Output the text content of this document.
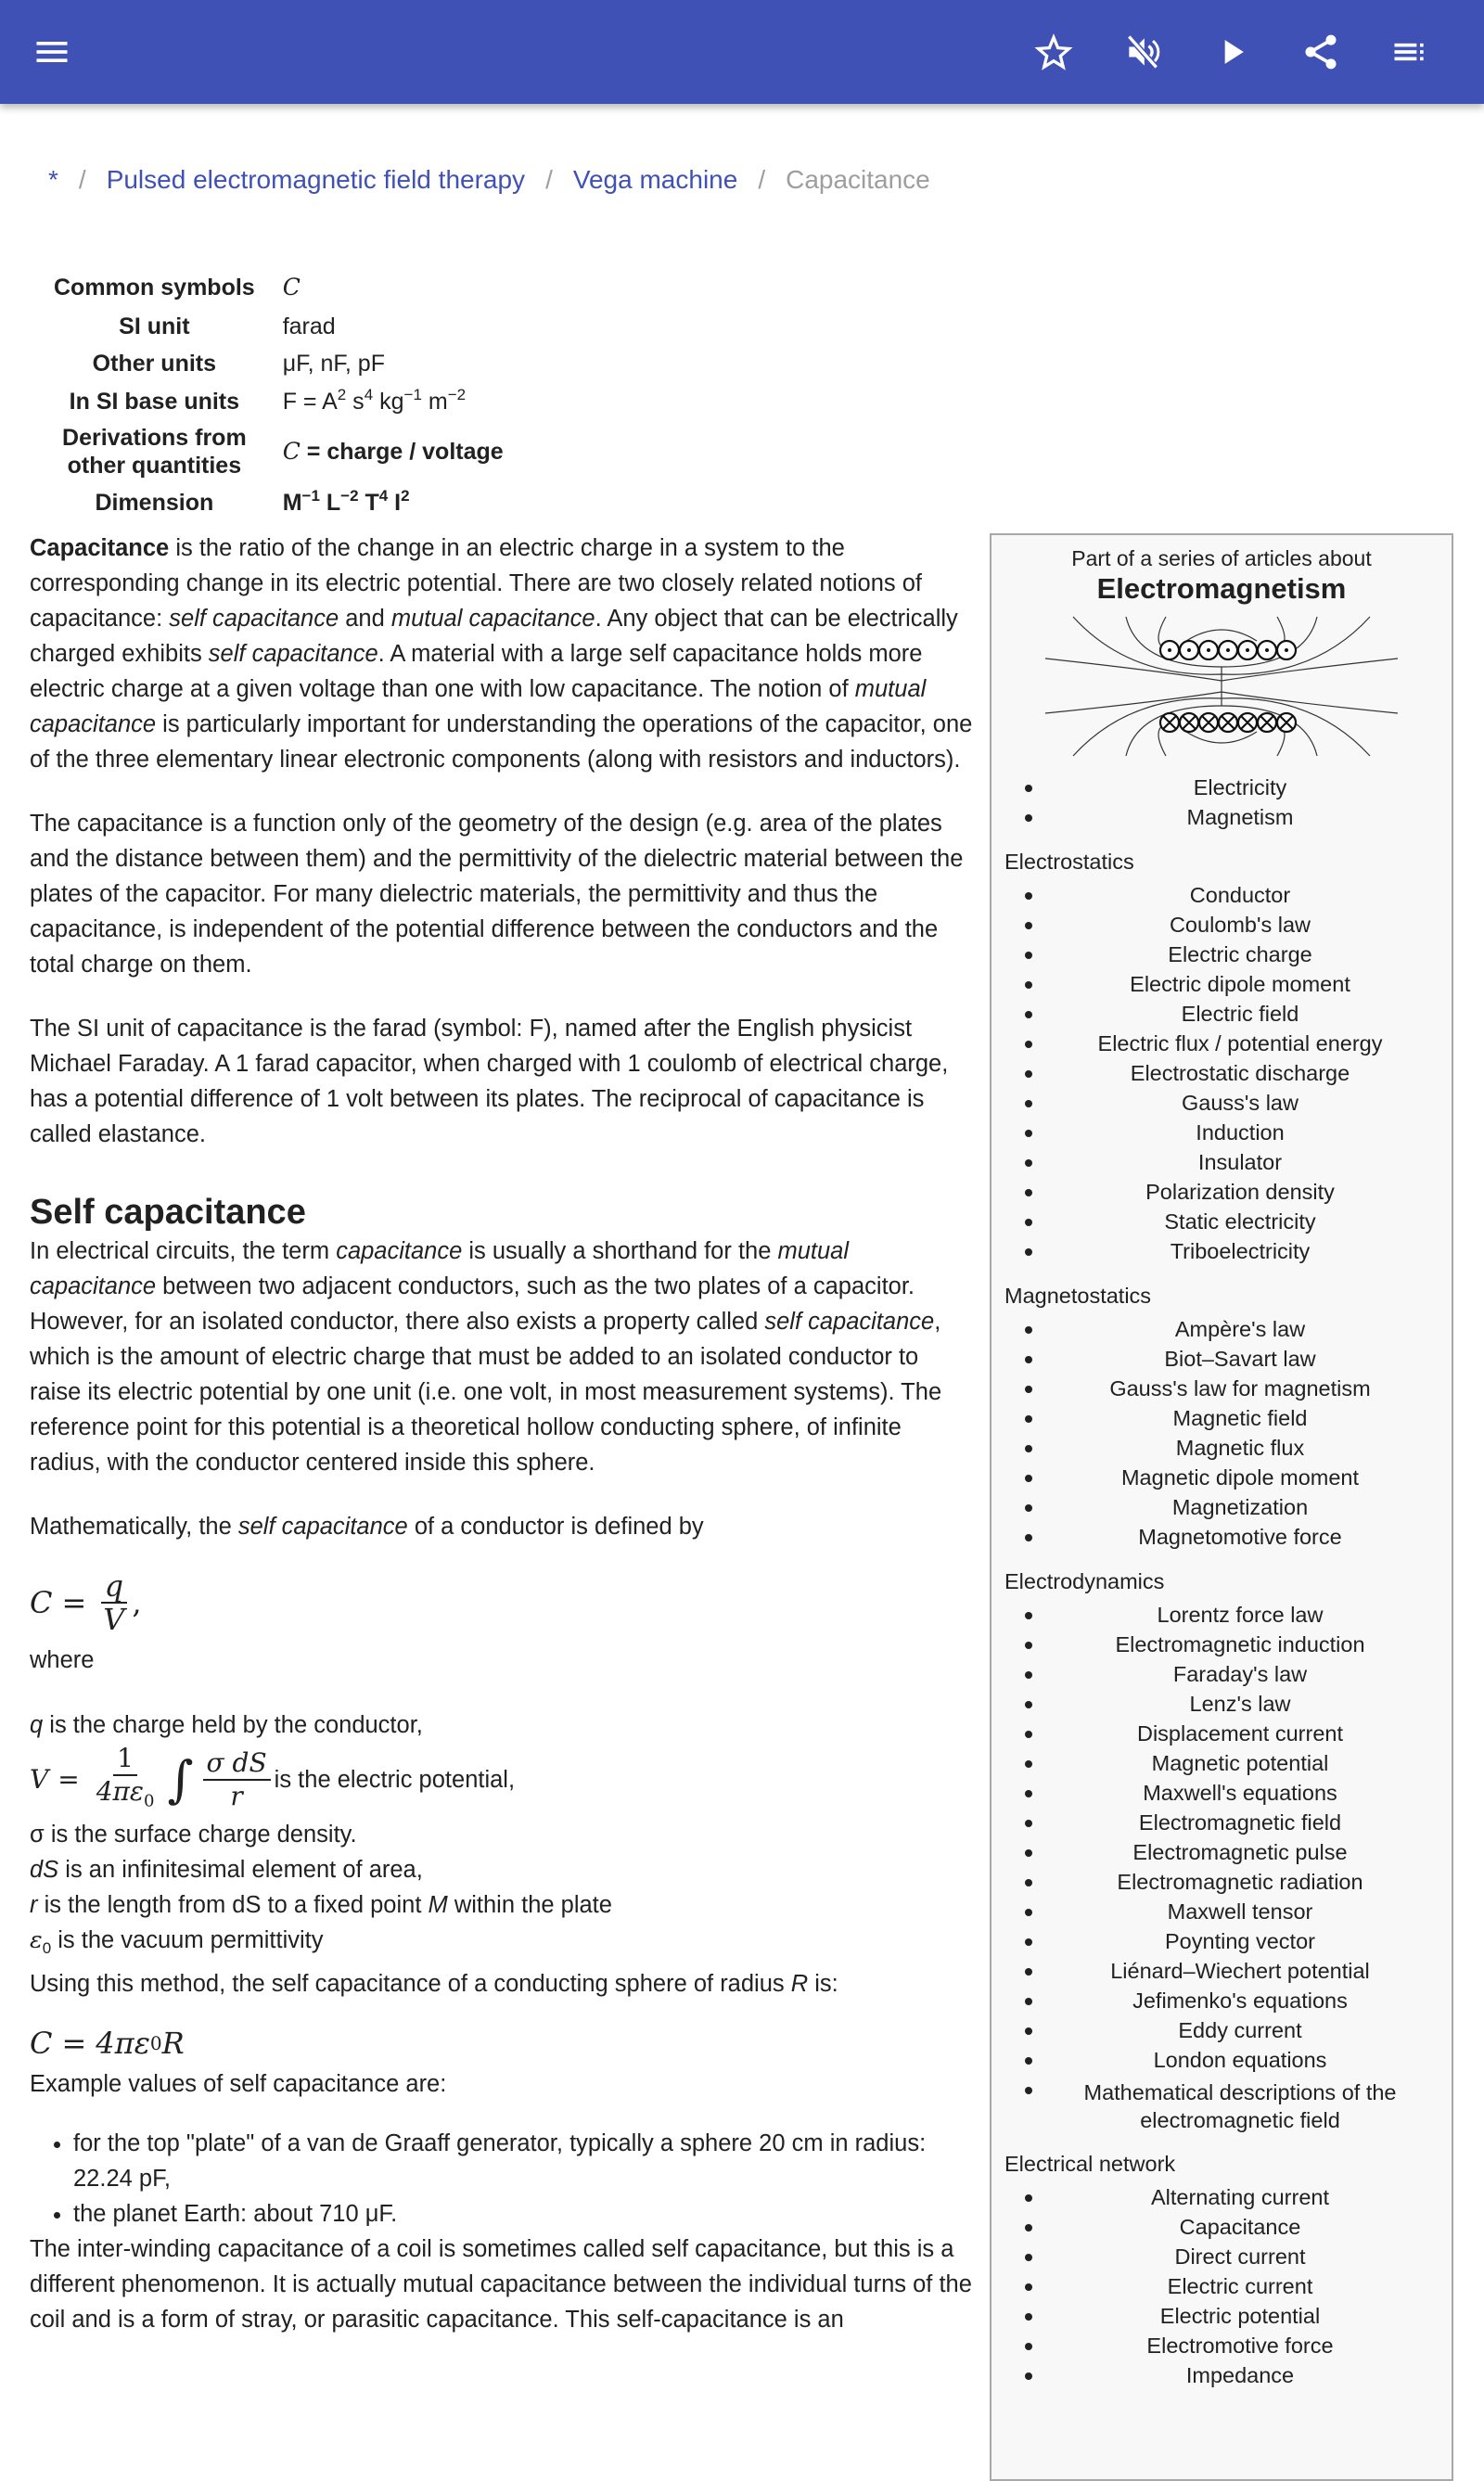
* / Pulsed electromagnetic field therapy / Vega machine / Capacitance
Common symbols	C
SI unit	farad
Other units	μF, nF, pF
In SI base units	$F = A^2$ $s^4$ $kg^{-1}$ $m^{-2}$
Derivations from other quantities	C = charge / voltage
Dimension	$M^{-1}$ $L^{-2}$ $T^4$ $I^2$

Capacitance is the ratio of the change in an electric charge in a system to the corresponding change in its electric potential. There are two closely related notions of capacitance: self capacitance and mutual capacitance. Any object that can be electrically charged exhibits self capacitance. A material with a large self capacitance holds more electric charge at a given voltage than one with low capacitance. The notion of mutual capacitance is particularly important for understanding the operations of the capacitor, one of the three elementary linear electronic components (along with resistors and inductors).

The capacitance is a function only of the geometry of the design (e.g. area of the plates and the distance between them) and the permittivity of the dielectric material between the plates of the capacitor. For many dielectric materials, the permittivity and thus the capacitance, is independent of the potential difference between the conductors and the total charge on them.

The SI unit of capacitance is the farad (symbol: F), named after the English physicist Michael Faraday. A 1 farad capacitor, when charged with 1 coulomb of electrical charge, has a potential difference of 1 volt between its plates. The reciprocal of capacitance is called elastance.

Self capacitance

In electrical circuits, the term capacitance is usually a shorthand for the mutual capacitance between two adjacent conductors, such as the two plates of a capacitor. However, for an isolated conductor, there also exists a property called self capacitance, which is the amount of electric charge that must be added to an isolated conductor to raise its electric potential by one unit (i.e. one volt, in most measurement systems). The reference point for this potential is a theoretical hollow conducting sphere, of infinite radius, with the conductor centered inside this sphere.

Mathematically, the self capacitance of a conductor is defined by

$C = \frac{q}{V}$ ,
where
q is the charge held by the conductor,
$V = \frac{1}{4\pi\varepsilon_0}$ ∫ $\frac{\text{σ dS}}{r}$ is the electric potential,
σ is the surface charge density.
dS is an infinitesimal element of area,
r is the length from dS to a fixed point M within the plate
$\varepsilon_0$ is the vacuum permittivity
Using this method, the self capacitance of a conducting sphere of radius R is:
C = 4πε 0 R
Example values of self capacitance are:
• for the top "plate" of a van de Graaff generator, typically a sphere 20 cm in radius: 22.24 pF,
• the planet Earth: about 710 μF.

The inter-winding capacitance of a coil is sometimes called self capacitance, but this is a different phenomenon. It is actually mutual capacitance between the individual turns of the coil and is a form of stray, or parasitic capacitance. This self-capacitance is an

Part of a series of articles about
Electromagnetism
Electricity
Magnetism
Electrostatics
Conductor
Coulomb's law
Electric charge
Electric dipole moment
Electric field
Electric flux / potential energy
Electrostatic discharge
Gauss's law
Induction
Insulator
Polarization density
Static electricity
Triboelectricity
Magnetostatics
Ampère's law
Biot–Savart law
Gauss's law for magnetism
Magnetic field
Magnetic flux
Magnetic dipole moment
Magnetization
Magnetomotive force
Electrodynamics
Lorentz force law
Electromagnetic induction
Faraday's law
Lenz's law
Displacement current
Magnetic potential
Maxwell's equations
Electromagnetic field
Electromagnetic pulse
Electromagnetic radiation
Maxwell tensor
Poynting vector
Liénard–Wiechert potential
Jefimenko's equations
Eddy current
London equations
Mathematical descriptions of the electromagnetic field
Electrical network
Alternating current
Capacitance
Direct current
Electric current
Electric potential
Electromotive force
Impedance
